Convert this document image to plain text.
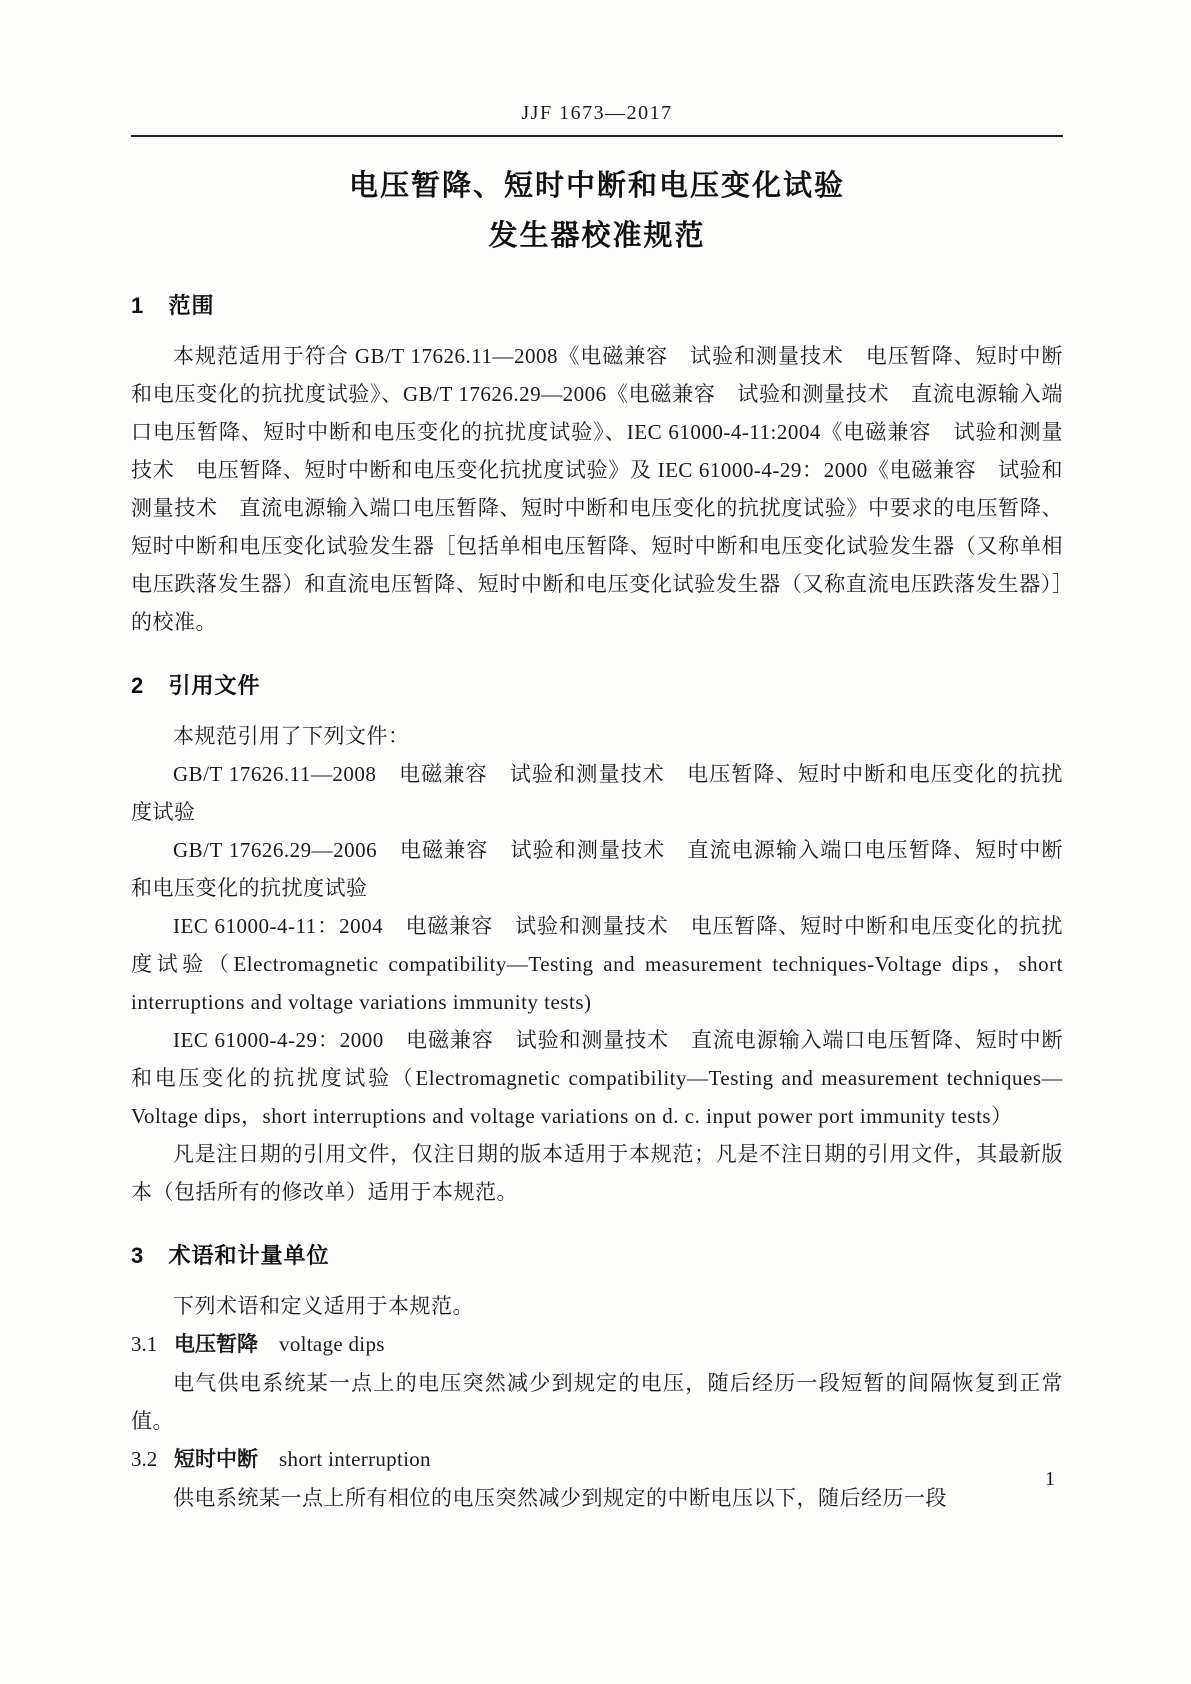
JJF 1673—2017
电压暂降、短时中断和电压变化试验
发生器校准规范
1 范围

本规范适用于符合 GB/T 17626.11—2008《电磁兼容　试验和测量技术　电压暂降、短时中断和电压变化的抗扰度试验》、GB/T 17626.29—2006《电磁兼容　试验和测量技术　直流电源输入端口电压暂降、短时中断和电压变化的抗扰度试验》、IEC 61000-4-11:2004《电磁兼容　试验和测量技术　电压暂降、短时中断和电压变化抗扰度试验》及 IEC 61000-4-29：2000《电磁兼容　试验和测量技术　直流电源输入端口电压暂降、短时中断和电压变化的抗扰度试验》中要求的电压暂降、短时中断和电压变化试验发生器［包括单相电压暂降、短时中断和电压变化试验发生器（又称单相电压跌落发生器）和直流电压暂降、短时中断和电压变化试验发生器（又称直流电压跌落发生器）］的校准。

2 引用文件

本规范引用了下列文件：

GB/T 17626.11—2008　电磁兼容　试验和测量技术　电压暂降、短时中断和电压变化的抗扰度试验

GB/T 17626.29—2006　电磁兼容　试验和测量技术　直流电源输入端口电压暂降、短时中断和电压变化的抗扰度试验

IEC 61000-4-11：2004　电磁兼容　试验和测量技术　电压暂降、短时中断和电压变化的抗扰度试验（Electromagnetic compatibility—Testing and measurement techniques-Voltage dips，short interruptions and voltage variations immunity tests)

IEC 61000-4-29：2000　电磁兼容　试验和测量技术　直流电源输入端口电压暂降、短时中断和电压变化的抗扰度试验（Electromagnetic compatibility—Testing and measurement techniques—Voltage dips，short interruptions and voltage variations on d. c. input power port immunity tests）

凡是注日期的引用文件，仅注日期的版本适用于本规范；凡是不注日期的引用文件，其最新版本（包括所有的修改单）适用于本规范。

3 术语和计量单位

下列术语和定义适用于本规范。

3.1 电压暂降 voltage dips

电气供电系统某一点上的电压突然减少到规定的电压，随后经历一段短暂的间隔恢复到正常值。

3.2 短时中断 short interruption

供电系统某一点上所有相位的电压突然减少到规定的中断电压以下，随后经历一段

1
